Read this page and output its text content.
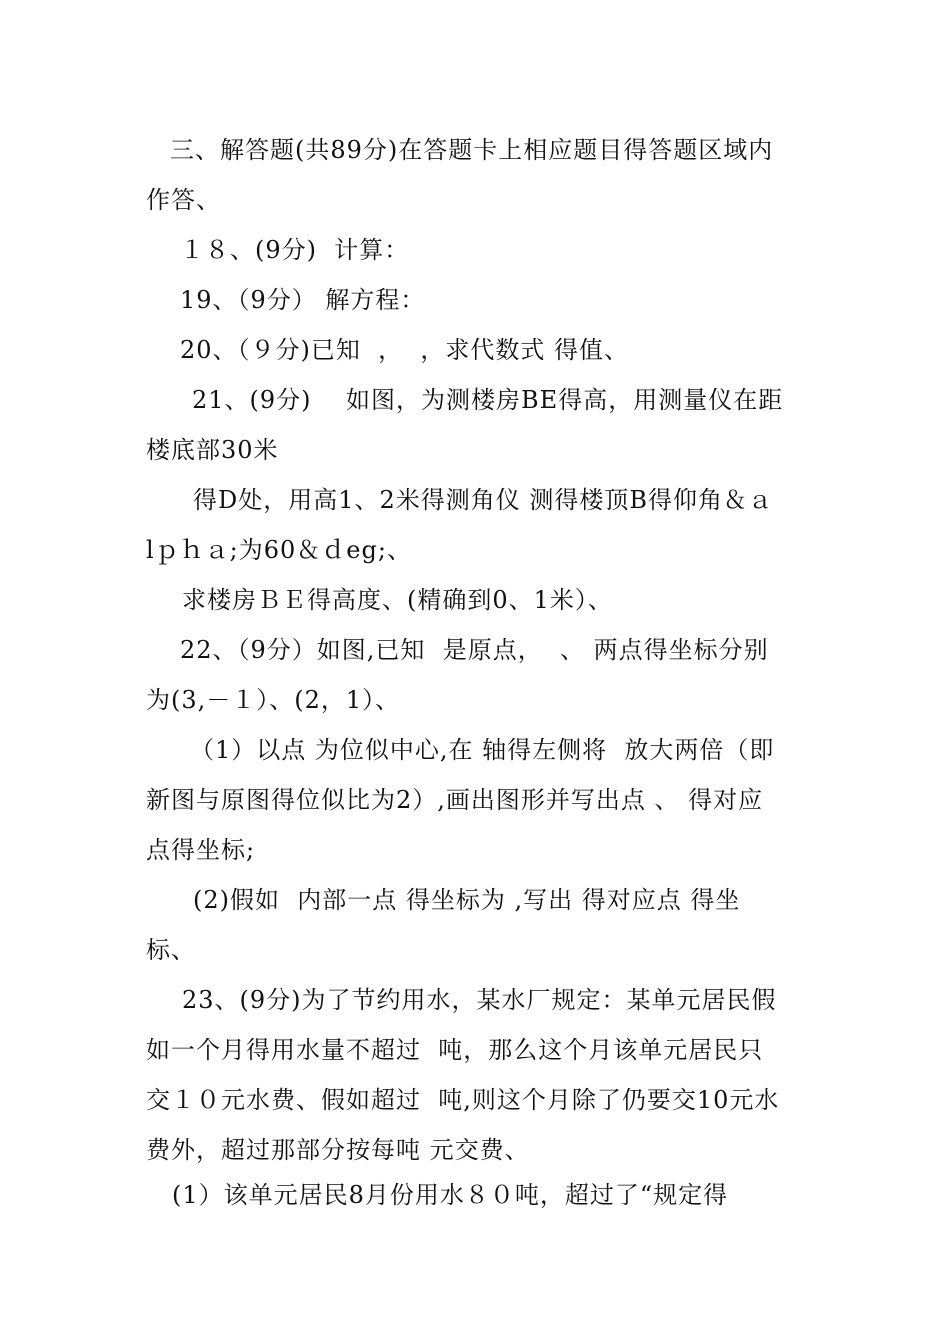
三、解答题(共89分)在答题卡上相应题目得答题区域内
作答、
１８、(9分)  计算：
19、（9分） 解方程：
20、（９分)已知  ，  ，求代数式 得值、
21、(9分)    如图，为测楼房BE得高，用测量仪在距
楼底部30米
得D处，用高1、2米得测角仪 测得楼顶B得仰角＆ａ
lｐｈａ;为60＆ｄeg;、
求楼房ＢＥ得高度、(精确到0、1米）、
22、（9分）如图,已知  是原点，  、 两点得坐标分别
为(3,－１）、(2，1）、
（1）以点 为位似中心,在 轴得左侧将  放大两倍（即
新图与原图得位似比为2）,画出图形并写出点 、 得对应
点得坐标;
(2)假如  内部一点 得坐标为 ,写出 得对应点 得坐
标、
23、(9分)为了节约用水，某水厂规定：某单元居民假
如一个月得用水量不超过  吨，那么这个月该单元居民只
交１０元水费、假如超过  吨,则这个月除了仍要交10元水
费外，超过那部分按每吨 元交费、
(1）该单元居民8月份用水８０吨，超过了“规定得
